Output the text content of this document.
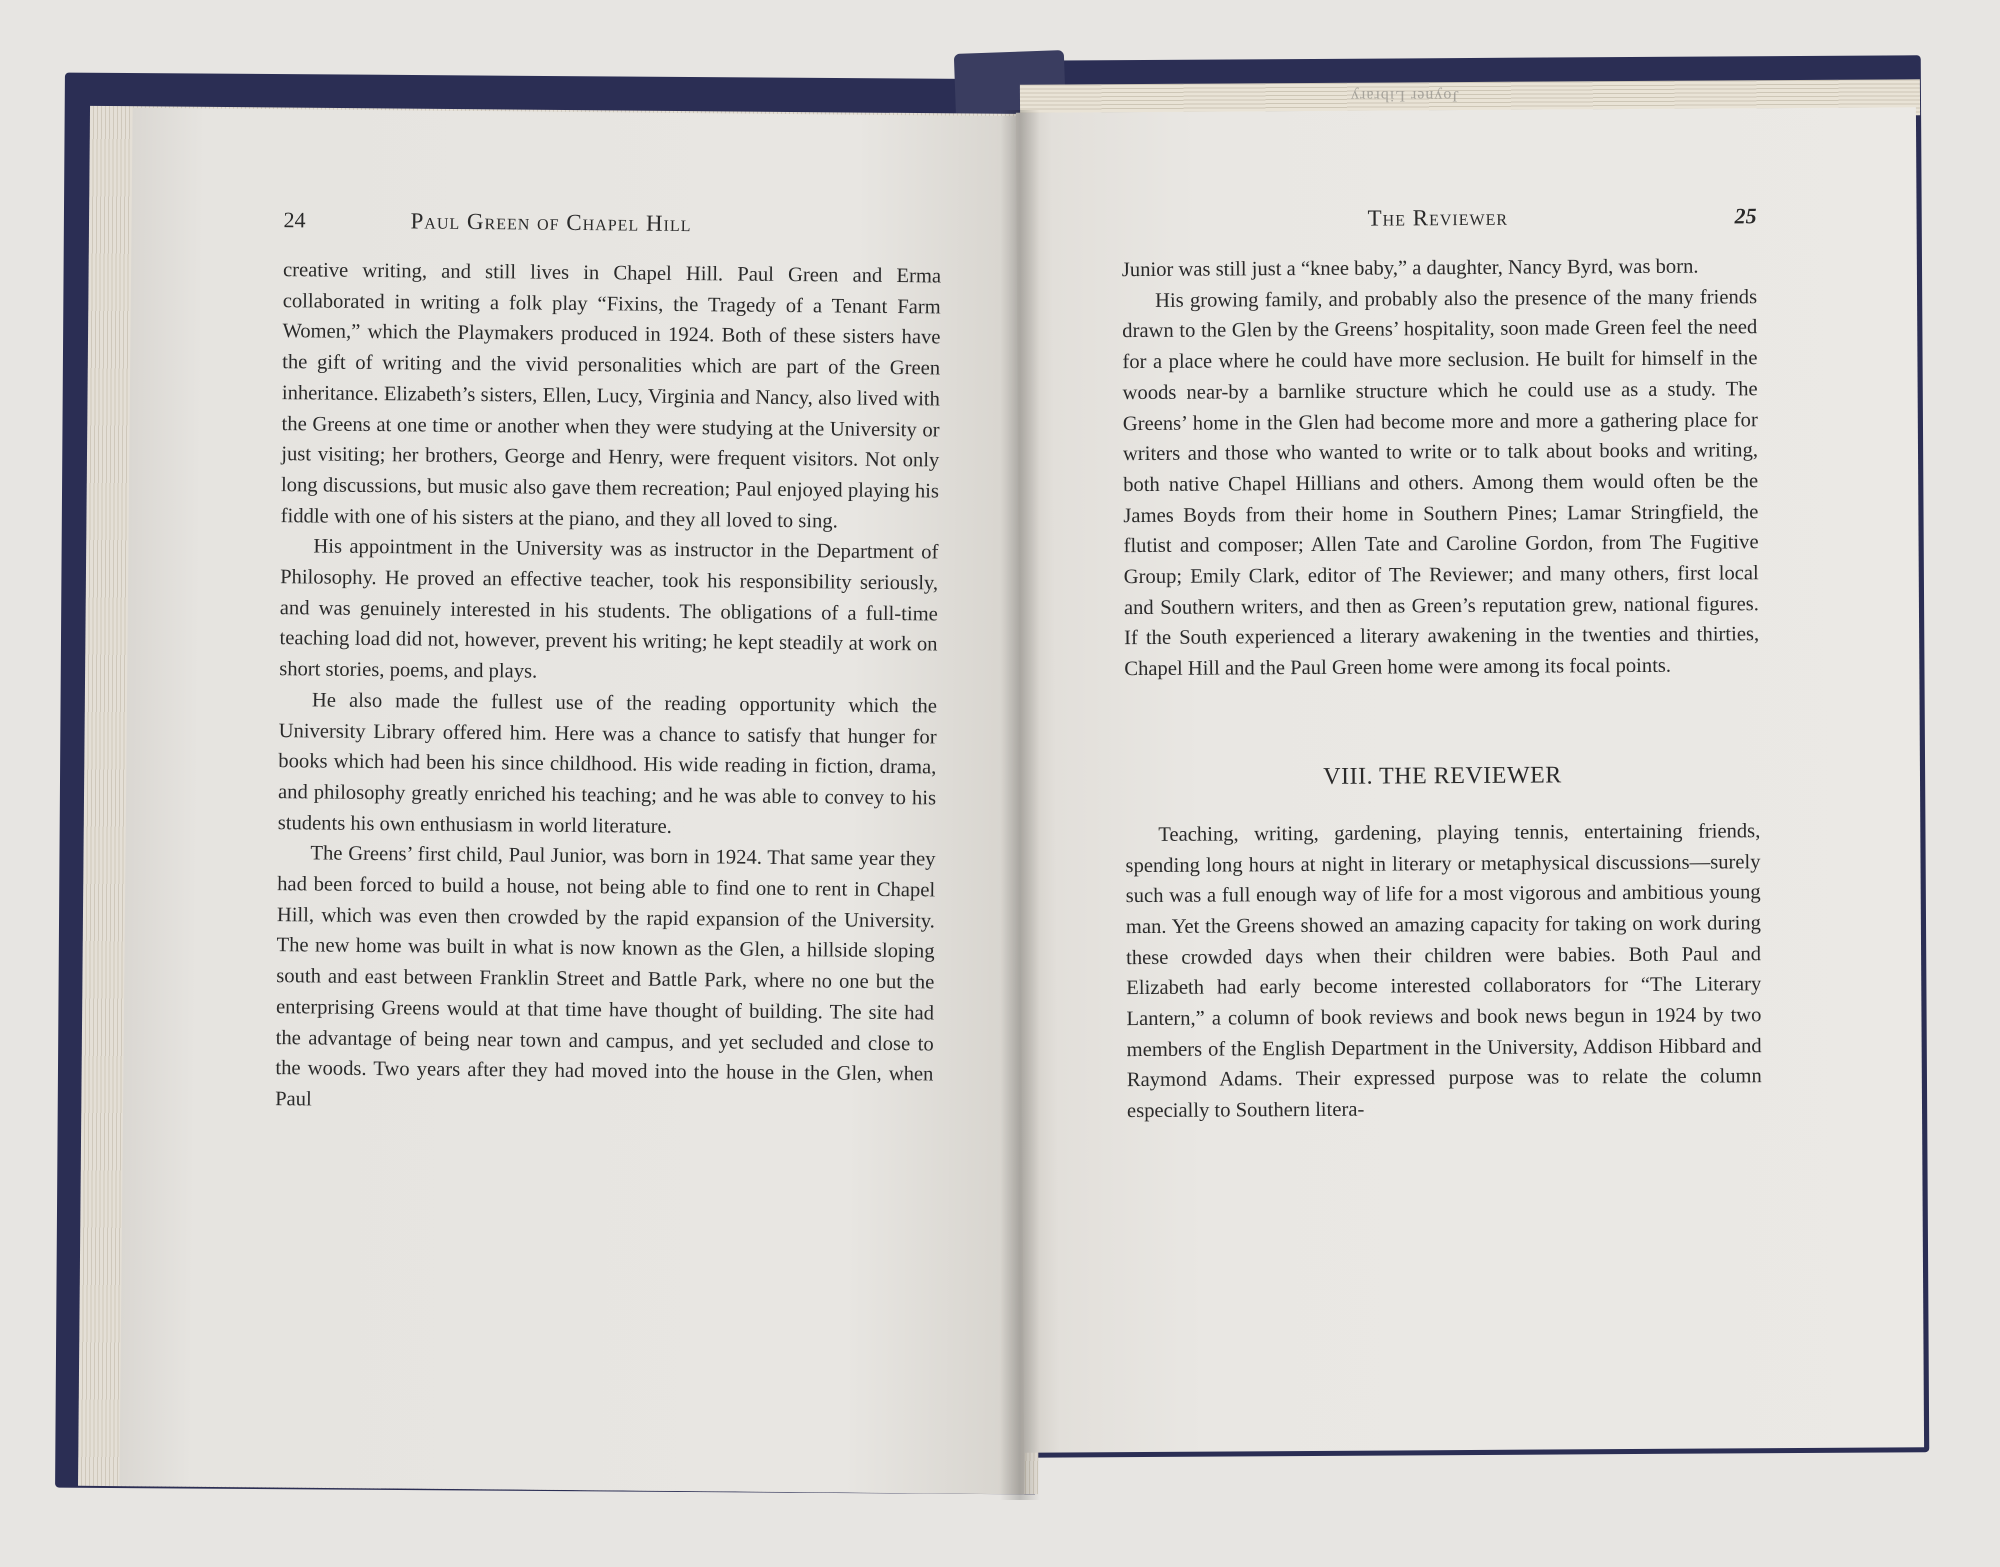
24	Paul Green of Chapel Hill

creative writing, and still lives in Chapel Hill. Paul Green and Erma collaborated in writing a folk play “Fixins, the Tragedy of a Tenant Farm Women,” which the Playmakers produced in 1924. Both of these sisters have the gift of writing and the vivid personalities which are part of the Green inheritance. Elizabeth’s sisters, Ellen, Lucy, Virginia and Nancy, also lived with the Greens at one time or another when they were studying at the University or just visiting; her brothers, George and Henry, were frequent visitors. Not only long discussions, but music also gave them recreation; Paul enjoyed playing his fiddle with one of his sisters at the piano, and they all loved to sing.

His appointment in the University was as instructor in the Department of Philosophy. He proved an effective teacher, took his responsibility seriously, and was genuinely interested in his students. The obligations of a full-time teaching load did not, however, prevent his writing; he kept steadily at work on short stories, poems, and plays.

He also made the fullest use of the reading opportunity which the University Library offered him. Here was a chance to satisfy that hunger for books which had been his since childhood. His wide reading in fiction, drama, and philosophy greatly enriched his teaching; and he was able to convey to his students his own enthusiasm in world literature.

The Greens’ first child, Paul Junior, was born in 1924. That same year they had been forced to build a house, not being able to find one to rent in Chapel Hill, which was even then crowded by the rapid expansion of the University. The new home was built in what is now known as the Glen, a hillside sloping south and east between Franklin Street and Battle Park, where no one but the enterprising Greens would at that time have thought of building. The site had the advantage of being near town and campus, and yet secluded and close to the woods. Two years after they had moved into the house in the Glen, when Paul

The Reviewer	25

Junior was still just a “knee baby,” a daughter, Nancy Byrd, was born.

His growing family, and probably also the presence of the many friends drawn to the Glen by the Greens’ hospitality, soon made Green feel the need for a place where he could have more seclusion. He built for himself in the woods near-by a barnlike structure which he could use as a study. The Greens’ home in the Glen had become more and more a gathering place for writers and those who wanted to write or to talk about books and writing, both native Chapel Hillians and others. Among them would often be the James Boyds from their home in Southern Pines; Lamar Stringfield, the flutist and composer; Allen Tate and Caroline Gordon, from The Fugitive Group; Emily Clark, editor of The Reviewer; and many others, first local and Southern writers, and then as Green’s reputation grew, national figures. If the South experienced a literary awakening in the twenties and thirties, Chapel Hill and the Paul Green home were among its focal points.

VIII. THE REVIEWER

Teaching, writing, gardening, playing tennis, entertaining friends, spending long hours at night in literary or metaphysical discussions—surely such was a full enough way of life for a most vigorous and ambitious young man. Yet the Greens showed an amazing capacity for taking on work during these crowded days when their children were babies. Both Paul and Elizabeth had early become interested collaborators for “The Literary Lantern,” a column of book reviews and book news begun in 1924 by two members of the English Department in the University, Addison Hibbard and Raymond Adams. Their expressed purpose was to relate the column especially to Southern litera-

Joyner Library
